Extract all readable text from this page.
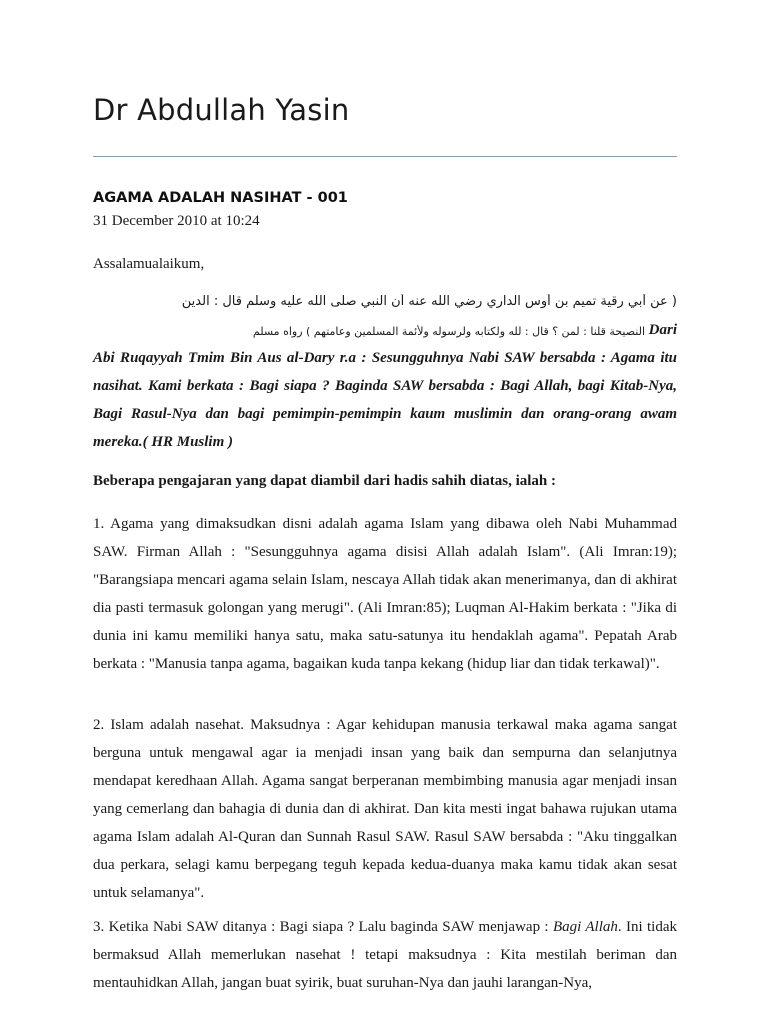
Dr Abdullah Yasin
AGAMA ADALAH NASIHAT - 001
31 December 2010 at 10:24
Assalamualaikum,
( عن أبي رقية تميم بن أوس الداري رضي الله عنه أن النبي صلى الله عليه وسلم قال : الدين
النصيحة قلنا : لمن ؟ قال : لله ولكتابه ولرسوله ولأئمة المسلمين وعامتهم ) رواه مسلم Dari

Abi Ruqayyah Tmim Bin Aus al-Dary r.a : Sesungguhnya Nabi SAW bersabda : Agama itu nasihat. Kami berkata : Bagi siapa ? Baginda SAW bersabda : Bagi Allah, bagi Kitab-Nya, Bagi Rasul-Nya dan bagi pemimpin-pemimpin kaum muslimin dan orang-orang awam mereka.( HR Muslim )

Beberapa pengajaran yang dapat diambil dari hadis sahih diatas, ialah :

1. Agama yang dimaksudkan disni adalah agama Islam yang dibawa oleh Nabi Muhammad SAW. Firman Allah : "Sesungguhnya agama disisi Allah adalah Islam". (Ali Imran:19); "Barangsiapa mencari agama selain Islam, nescaya Allah tidak akan menerimanya, dan di akhirat dia pasti termasuk golongan yang merugi". (Ali Imran:85); Luqman Al-Hakim berkata : "Jika di dunia ini kamu memiliki hanya satu, maka satu-satunya itu hendaklah agama". Pepatah Arab berkata : "Manusia tanpa agama, bagaikan kuda tanpa kekang (hidup liar dan tidak terkawal)".

2. Islam adalah nasehat. Maksudnya : Agar kehidupan manusia terkawal maka agama sangat berguna untuk mengawal agar ia menjadi insan yang baik dan sempurna dan selanjutnya mendapat keredhaan Allah. Agama sangat berperanan membimbing manusia agar menjadi insan yang cemerlang dan bahagia di dunia dan di akhirat. Dan kita mesti ingat bahawa rujukan utama agama Islam adalah Al-Quran dan Sunnah Rasul SAW. Rasul SAW bersabda : "Aku tinggalkan dua perkara, selagi kamu berpegang teguh kepada kedua-duanya maka kamu tidak akan sesat untuk selamanya".

3. Ketika Nabi SAW ditanya : Bagi siapa ? Lalu baginda SAW menjawap : Bagi Allah. Ini tidak bermaksud Allah memerlukan nasehat ! tetapi maksudnya : Kita mestilah beriman dan mentauhidkan Allah, jangan buat syirik, buat suruhan-Nya dan jauhi larangan-Nya,
